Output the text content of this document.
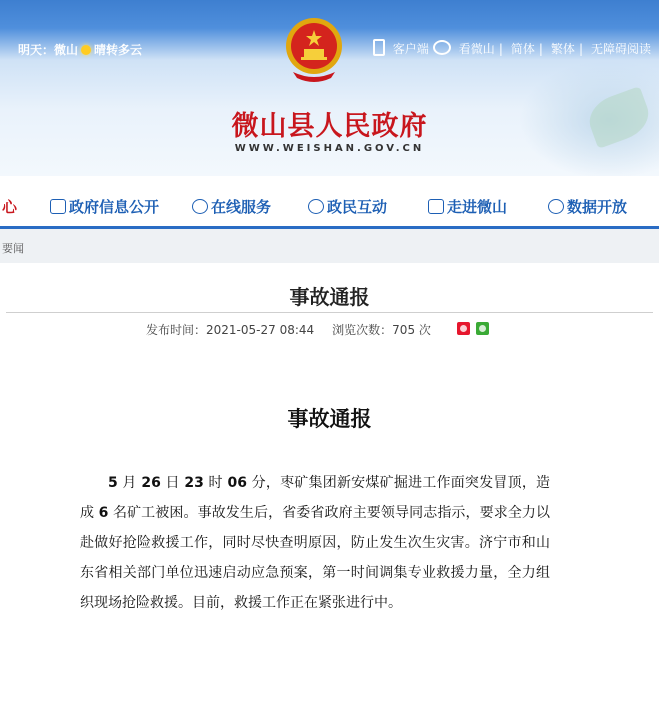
明天：微山 晴转多云	客户端	看微山 | 简体 | 繁体 | 无障碍阅读
微山县人民政府
WWW.WEISHAN.GOV.CN
心	政府信息公开	在线服务	政民互动	走进微山	数据开放
要闻
事故通报
发布时间：2021-05-27 08:44 浏览次数：705 次
事故通报

5 月 26 日 23 时 06 分，枣矿集团新安煤矿掘进工作面突发冒顶，造成 6 名矿工被困。事故发生后，省委省政府主要领导同志指示，要求全力以赴做好抢险救援工作，同时尽快查明原因，防止发生次生灾害。济宁市和山东省相关部门单位迅速启动应急预案，第一时间调集专业救援力量，全力组织现场抢险救援。目前，救援工作正在紧张进行中。
